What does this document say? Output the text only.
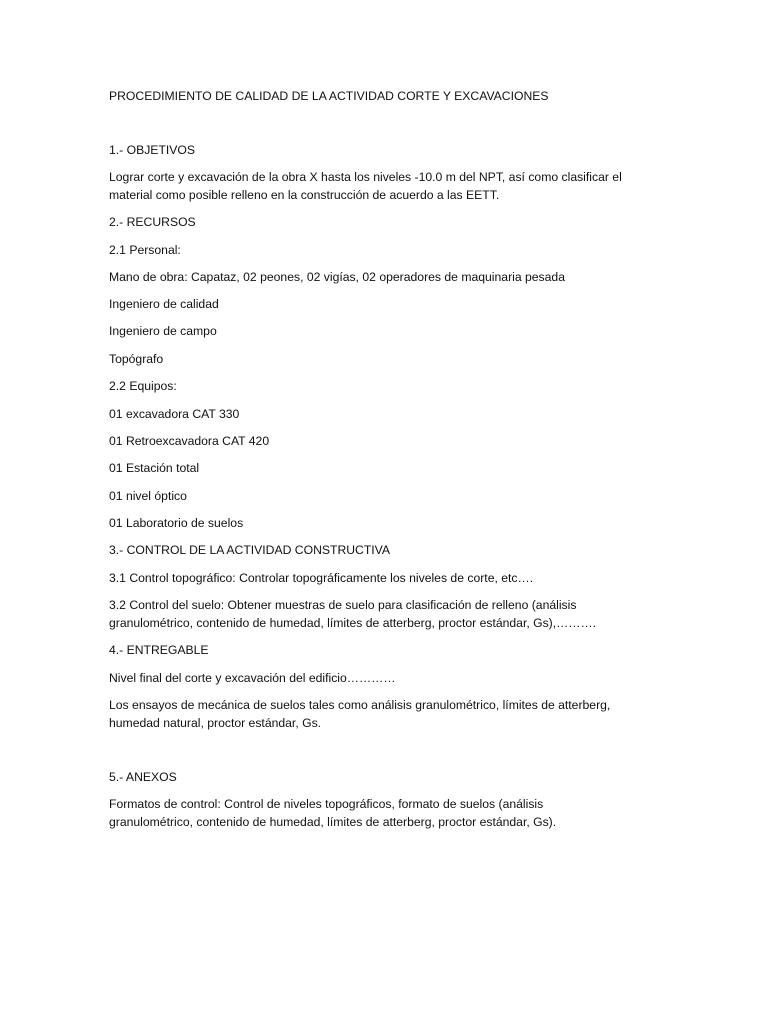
PROCEDIMIENTO DE CALIDAD DE LA ACTIVIDAD CORTE Y EXCAVACIONES
1.- OBJETIVOS
Lograr corte y excavación de la obra X hasta los niveles -10.0 m del NPT, así como clasificar el
material como posible relleno en la construcción de acuerdo a las EETT.
2.- RECURSOS
2.1 Personal:
Mano de obra: Capataz, 02 peones, 02 vigías, 02 operadores de maquinaria pesada
Ingeniero de calidad
Ingeniero de campo
Topógrafo
2.2 Equipos:
01 excavadora CAT 330
01 Retroexcavadora CAT 420
01 Estación total
01 nivel óptico
01 Laboratorio de suelos
3.- CONTROL DE LA ACTIVIDAD CONSTRUCTIVA
3.1 Control topográfico: Controlar topográficamente los niveles de corte, etc….
3.2 Control del suelo: Obtener muestras de suelo para clasificación de relleno (análisis
granulométrico, contenido de humedad, límites de atterberg, proctor estándar, Gs),……….
4.- ENTREGABLE
Nivel final del corte y excavación del edificio…………
Los ensayos de mecánica de suelos tales como análisis granulométrico, límites de atterberg,
humedad natural, proctor estándar, Gs.
5.- ANEXOS
Formatos de control: Control de niveles topográficos, formato de suelos (análisis
granulométrico, contenido de humedad, límites de atterberg, proctor estándar, Gs).
